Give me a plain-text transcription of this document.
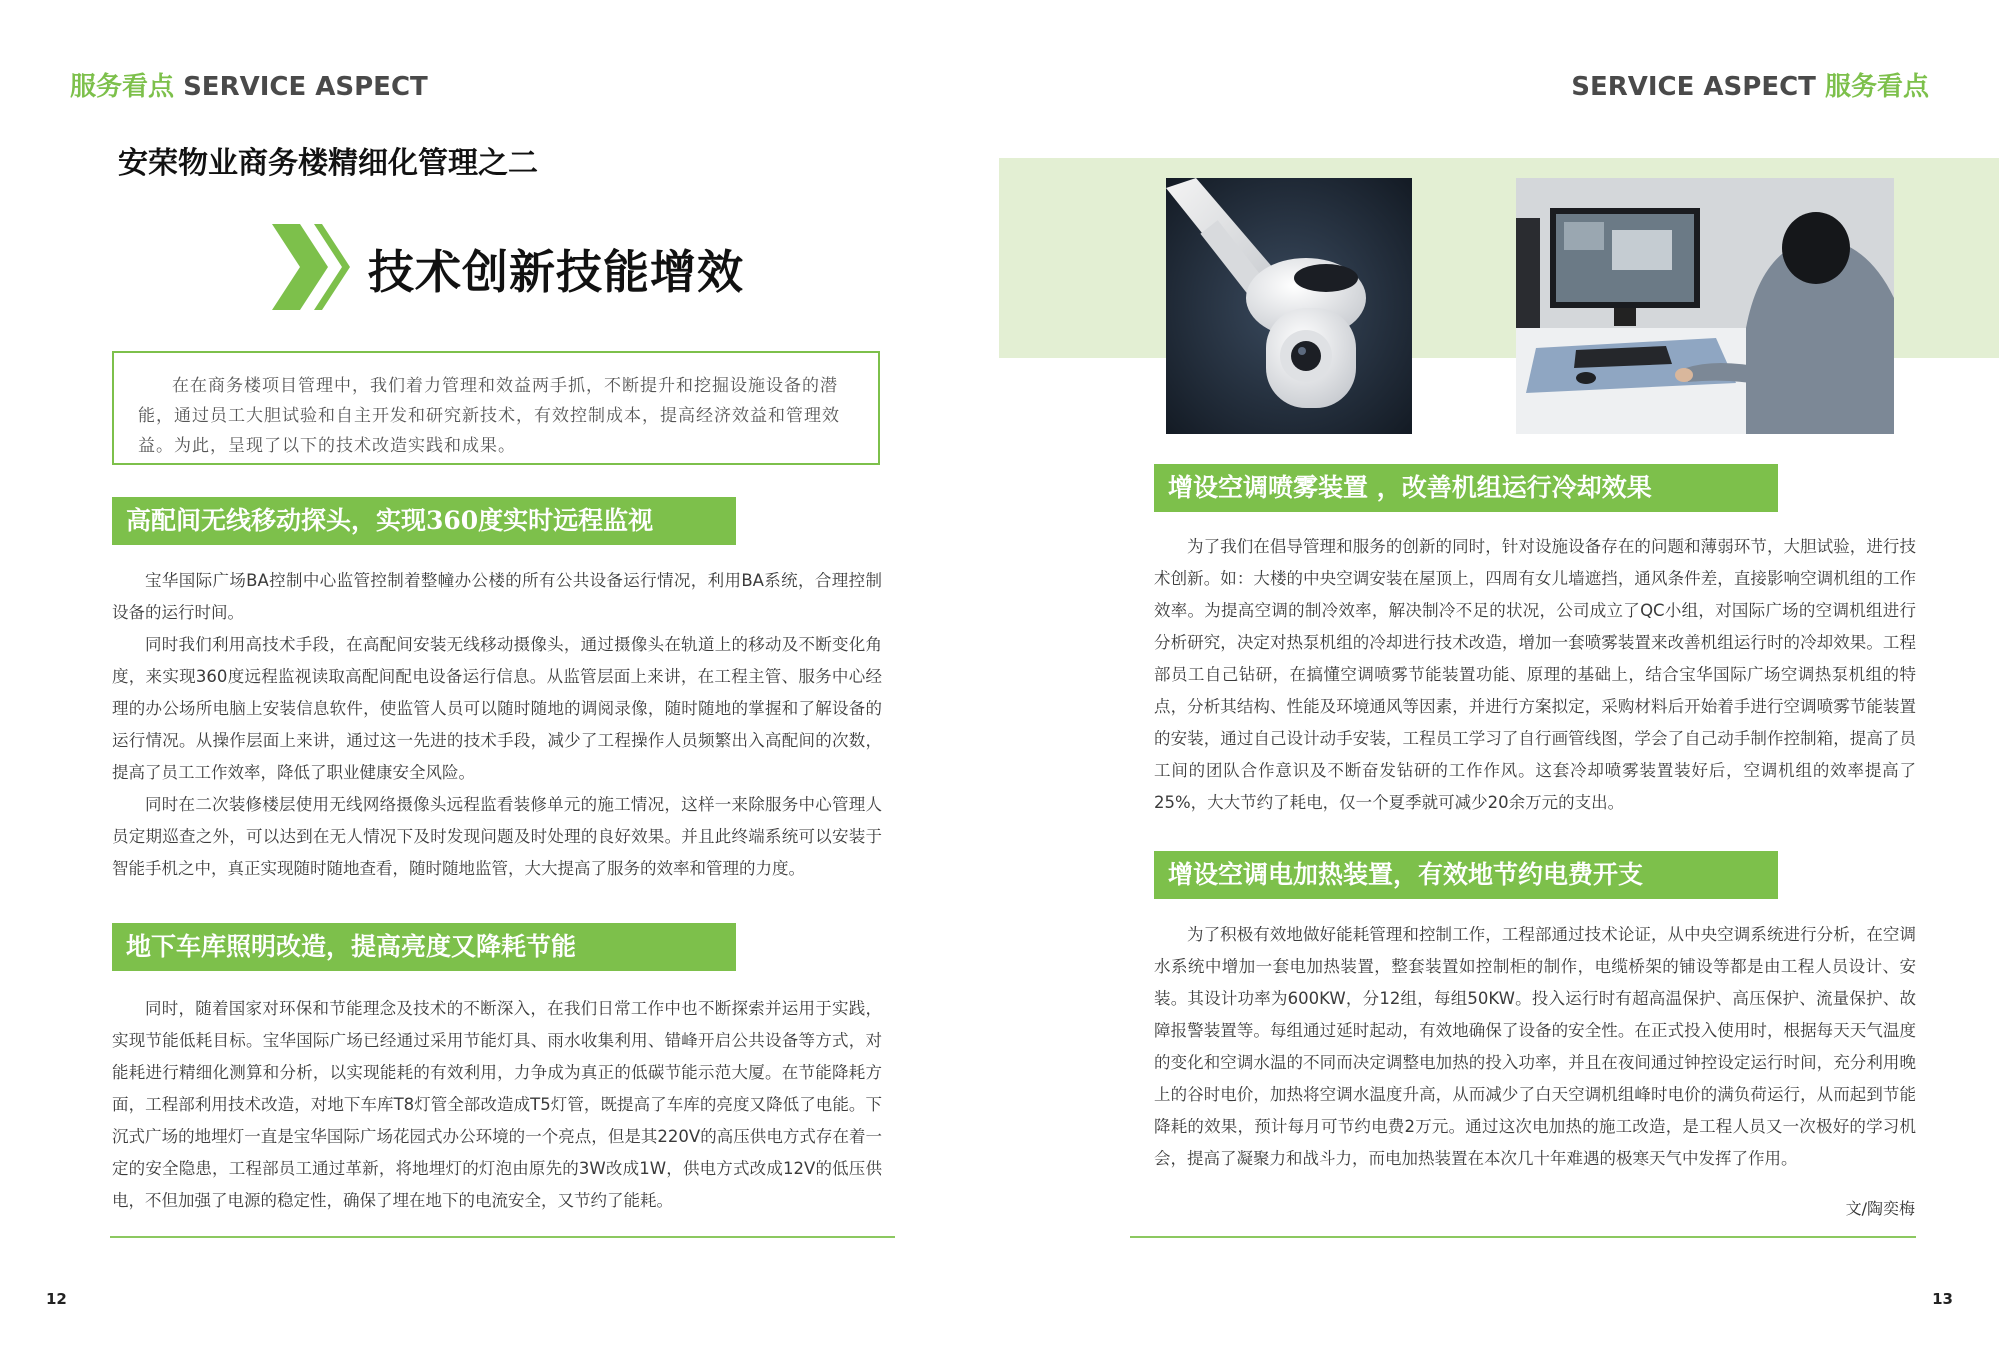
服务看点 SERVICE ASPECT	SERVICE ASPECT 服务看点
安荣物业商务楼精细化管理之二
技术创新技能增效
在在商务楼项目管理中，我们着力管理和效益两手抓，不断提升和挖掘设施设备的潜能，通过员工大胆试验和自主开发和研究新技术，有效控制成本，提高经济效益和管理效益。为此，呈现了以下的技术改造实践和成果。
高配间无线移动探头，实现360度实时远程监视

宝华国际广场BA控制中心监管控制着整幢办公楼的所有公共设备运行情况，利用BA系统，合理控制设备的运行时间。

同时我们利用高技术手段，在高配间安装无线移动摄像头，通过摄像头在轨道上的移动及不断变化角度，来实现360度远程监视读取高配间配电设备运行信息。从监管层面上来讲，在工程主管、服务中心经理的办公场所电脑上安装信息软件，使监管人员可以随时随地的调阅录像，随时随地的掌握和了解设备的运行情况。从操作层面上来讲，通过这一先进的技术手段，减少了工程操作人员频繁出入高配间的次数，提高了员工工作效率，降低了职业健康安全风险。

同时在二次装修楼层使用无线网络摄像头远程监看装修单元的施工情况，这样一来除服务中心管理人员定期巡查之外，可以达到在无人情况下及时发现问题及时处理的良好效果。并且此终端系统可以安装于智能手机之中，真正实现随时随地查看，随时随地监管，大大提高了服务的效率和管理的力度。

地下车库照明改造，提高亮度又降耗节能

同时，随着国家对环保和节能理念及技术的不断深入，在我们日常工作中也不断探索并运用于实践，实现节能低耗目标。宝华国际广场已经通过采用节能灯具、雨水收集利用、错峰开启公共设备等方式，对能耗进行精细化测算和分析，以实现能耗的有效利用，力争成为真正的低碳节能示范大厦。在节能降耗方面，工程部利用技术改造，对地下车库T8灯管全部改造成T5灯管，既提高了车库的亮度又降低了电能。下沉式广场的地埋灯一直是宝华国际广场花园式办公环境的一个亮点，但是其220V的高压供电方式存在着一定的安全隐患，工程部员工通过革新，将地埋灯的灯泡由原先的3W改成1W，供电方式改成12V的低压供电，不但加强了电源的稳定性，确保了埋在地下的电流安全，又节约了能耗。

12
增设空调喷雾装置 ，改善机组运行冷却效果

为了我们在倡导管理和服务的创新的同时，针对设施设备存在的问题和薄弱环节，大胆试验，进行技术创新。如：大楼的中央空调安装在屋顶上，四周有女儿墙遮挡，通风条件差，直接影响空调机组的工作效率。为提高空调的制冷效率，解决制冷不足的状况，公司成立了QC小组，对国际广场的空调机组进行分析研究，决定对热泵机组的冷却进行技术改造，增加一套喷雾装置来改善机组运行时的冷却效果。工程部员工自己钻研，在搞懂空调喷雾节能装置功能、原理的基础上，结合宝华国际广场空调热泵机组的特点，分析其结构、性能及环境通风等因素，并进行方案拟定，采购材料后开始着手进行空调喷雾节能装置的安装，通过自己设计动手安装，工程员工学习了自行画管线图，学会了自己动手制作控制箱，提高了员工间的团队合作意识及不断奋发钻研的工作作风。这套冷却喷雾装置装好后，空调机组的效率提高了25%，大大节约了耗电，仅一个夏季就可减少20余万元的支出。

增设空调电加热装置，有效地节约电费开支

为了积极有效地做好能耗管理和控制工作，工程部通过技术论证，从中央空调系统进行分析，在空调水系统中增加一套电加热装置，整套装置如控制柜的制作，电缆桥架的铺设等都是由工程人员设计、安装。其设计功率为600KW，分12组，每组50KW。投入运行时有超高温保护、高压保护、流量保护、故障报警装置等。每组通过延时起动，有效地确保了设备的安全性。在正式投入使用时，根据每天天气温度的变化和空调水温的不同而决定调整电加热的投入功率，并且在夜间通过钟控设定运行时间，充分利用晚上的谷时电价，加热将空调水温度升高，从而减少了白天空调机组峰时电价的满负荷运行，从而起到节能降耗的效果，预计每月可节约电费2万元。通过这次电加热的施工改造，是工程人员又一次极好的学习机会，提高了凝聚力和战斗力，而电加热装置在本次几十年难遇的极寒天气中发挥了作用。

文/陶奕梅
13
